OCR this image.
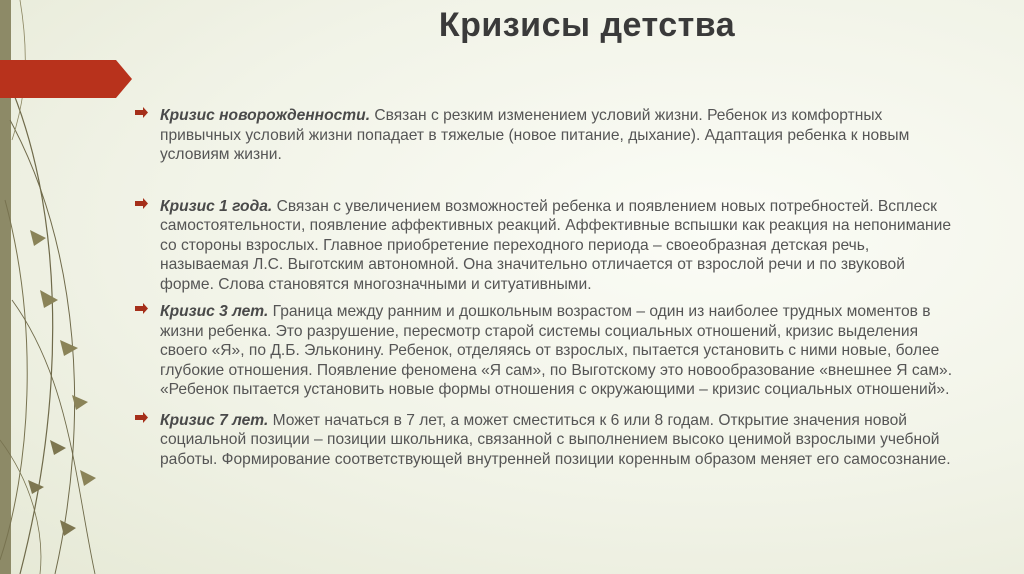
Кризисы детства
Кризис новорожденности. Связан с резким изменением условий жизни. Ребенок из комфортных привычных условий жизни попадает в тяжелые (новое питание, дыхание). Адаптация ребенка к новым условиям жизни.
Кризис 1 года. Связан с увеличением возможностей ребенка и появлением новых потребностей. Всплеск самостоятельности, появление аффективных реакций. Аффективные вспышки как реакция на непонимание со стороны взрослых. Главное приобретение переходного периода – своеобразная детская речь, называемая Л.С. Выготским автономной. Она значительно отличается от взрослой речи и по звуковой форме. Слова становятся многозначными и ситуативными.
Кризис 3 лет. Граница между ранним и дошкольным возрастом – один из наиболее трудных моментов в жизни ребенка. Это разрушение, пересмотр старой системы социальных отношений, кризис выделения своего «Я», по Д.Б. Эльконину. Ребенок, отделяясь от взрослых, пытается установить с ними новые, более глубокие отношения. Появление феномена «Я сам», по Выготскому это новообразование «внешнее Я сам». «Ребенок пытается установить новые формы отношения с окружающими – кризис социальных отношений».
Кризис 7 лет. Может начаться в 7 лет, а может сместиться к 6 или 8 годам. Открытие значения новой социальной позиции – позиции школьника, связанной с выполнением высоко ценимой взрослыми учебной работы. Формирование соответствующей внутренней позиции коренным образом меняет его самосознание.
